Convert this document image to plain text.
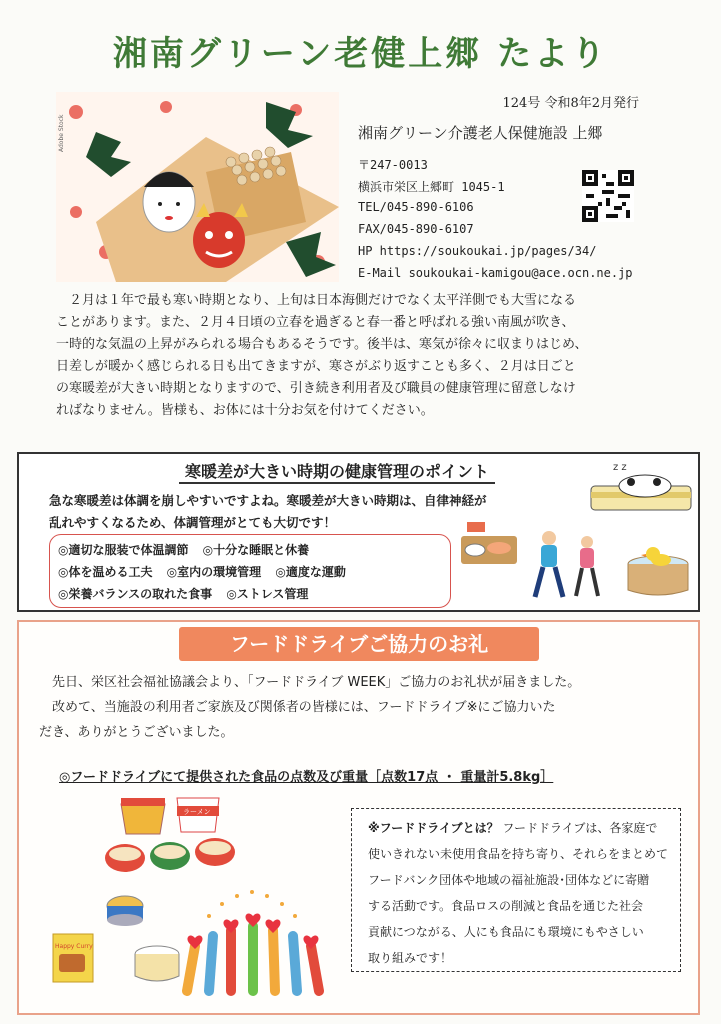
湘南グリーン老健上郷 たより
Adobe Stock
124号 令和8年2月発行
湘南グリーン介護老人保健施設 上郷
〒247-0013
横浜市栄区上郷町 1045-1
TEL/045-890-6106
FAX/045-890-6107
HP https://soukoukai.jp/pages/34/
E-Mail soukoukai-kamigou@ace.ocn.ne.jp
　２月は１年で最も寒い時期となり、上旬は日本海側だけでなく太平洋側でも大雪になる
ことがあります。また、２月４日頃の立春を過ぎると春一番と呼ばれる強い南風が吹き、
一時的な気温の上昇がみられる場合もあるそうです。後半は、寒気が徐々に収まりはじめ、
日差しが暖かく感じられる日も出てきますが、寒さがぶり返すことも多く、２月は日ごと
の寒暖差が大きい時期となりますので、引き続き利用者及び職員の健康管理に留意しなけ
ればなりません。皆様も、お体には十分お気を付けてください。
寒暖差が大きい時期の健康管理のポイント
急な寒暖差は体調を崩しやすいですよね。寒暖差が大きい時期は、自律神経が
乱れやすくなるため、体調管理がとても大切です！
◎適切な服装で体温調節 ◎十分な睡眠と休養
◎体を温める工夫 ◎室内の環境管理 ◎適度な運動
◎栄養バランスの取れた食事 ◎ストレス管理
z z
フードドライブご協力のお礼
　先日、栄区社会福祉協議会より、「フードドライブ WEEK」ご協力のお礼状が届きました。
　改めて、当施設の利用者ご家族及び関係者の皆様には、フードドライブ※にご協力いた
だき、ありがとうございました。
◎フードドライブにて提供された食品の点数及び重量［点数17点 ・ 重量計5.8kg］
ラーメン
Happy Curry
※フードドライブとは？ フードドライブは、各家庭で
使いきれない未使用食品を持ち寄り、それらをまとめて
フードバンク団体や地域の福祉施設･団体などに寄贈
する活動です。食品ロスの削減と食品を通じた社会
貢献につながる、人にも食品にも環境にもやさしい
取り組みです！
